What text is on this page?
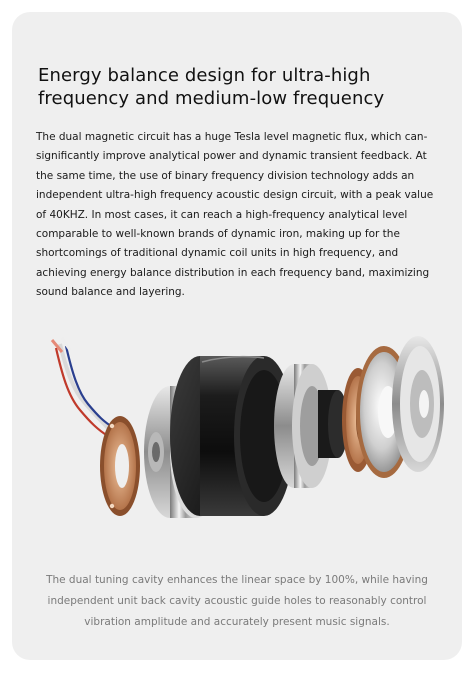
Energy balance design for ultra-high frequency and medium-low frequency

The dual magnetic circuit has a huge Tesla level magnetic flux, which can-significantly improve analytical power and dynamic transient feedback. At the same time, the use of binary frequency division technology adds an independent ultra-high frequency acoustic design circuit, with a peak value of 40KHZ. In most cases, it can reach a high-frequency analytical level comparable to well-known brands of dynamic iron, making up for the shortcomings of traditional dynamic coil units in high frequency, and achieving energy balance distribution in each frequency band, maximizing sound balance and layering.

The dual tuning cavity enhances the linear space by 100%, while having independent unit back cavity acoustic guide holes to reasonably control vibration amplitude and accurately present music signals.
